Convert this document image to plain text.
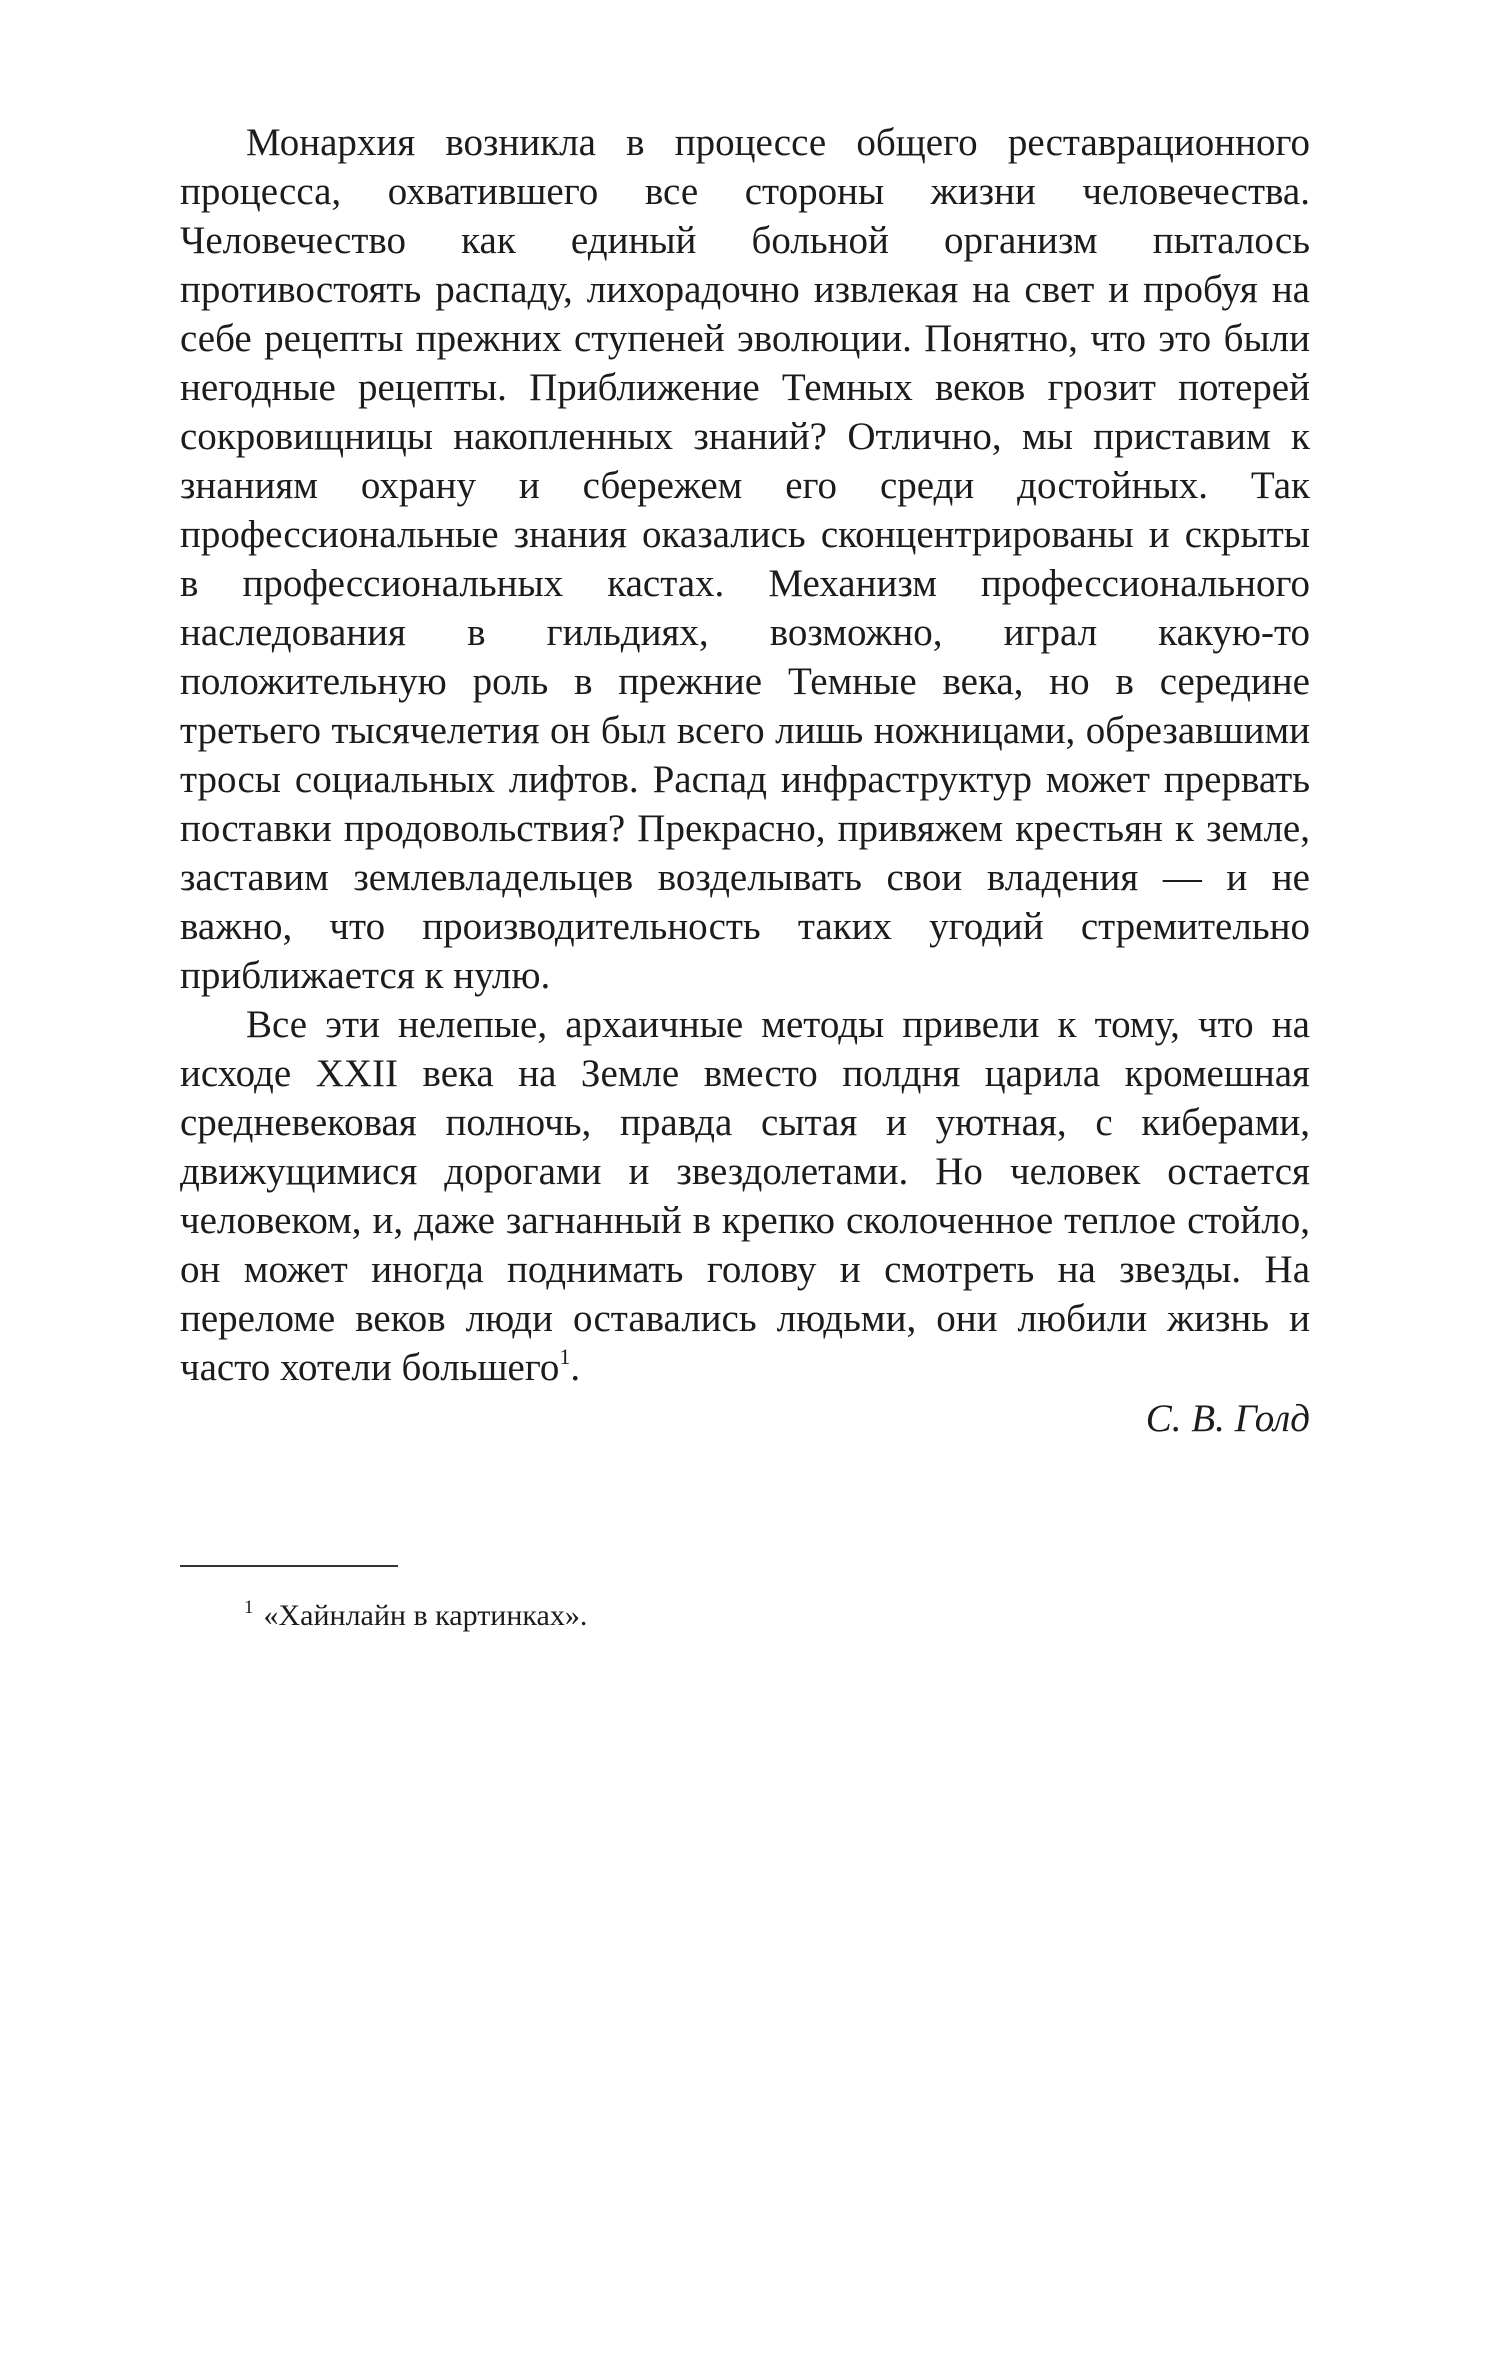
Монархия возникла в процессе общего реставрационного процесса, охватившего все стороны жизни человечества. Человечество как единый больной организм пыталось противостоять распаду, лихорадочно извлекая на свет и пробуя на себе рецепты прежних ступеней эволюции. Понятно, что это были негодные рецепты. Приближение Темных веков грозит потерей сокровищницы накопленных знаний? Отлично, мы приставим к знаниям охрану и сбережем его среди достойных. Так профессиональные знания оказались сконцентрированы и скрыты в профессиональных кастах. Механизм профессионального наследования в гильдиях, возможно, играл какую-то положительную роль в прежние Темные века, но в середине третьего тысячелетия он был всего лишь ножницами, обрезавшими тросы социальных лифтов. Распад инфраструктур может прервать поставки продовольствия? Прекрасно, привяжем крестьян к земле, заставим землевладельцев возделывать свои владения — и не важно, что производительность таких угодий стремительно приближается к нулю.

Все эти нелепые, архаичные методы привели к тому, что на исходе XXII века на Земле вместо полдня царила кромешная средневековая полночь, правда сытая и уютная, с киберами, движущимися дорогами и звездолетами. Но человек остается человеком, и, даже загнанный в крепко сколоченное теплое стойло, он может иногда поднимать голову и смотреть на звезды. На переломе веков люди оставались людьми, они любили жизнь и часто хотели большего$^1$.

С. В. Голд

$^1$ «Хайнлайн в картинках».
